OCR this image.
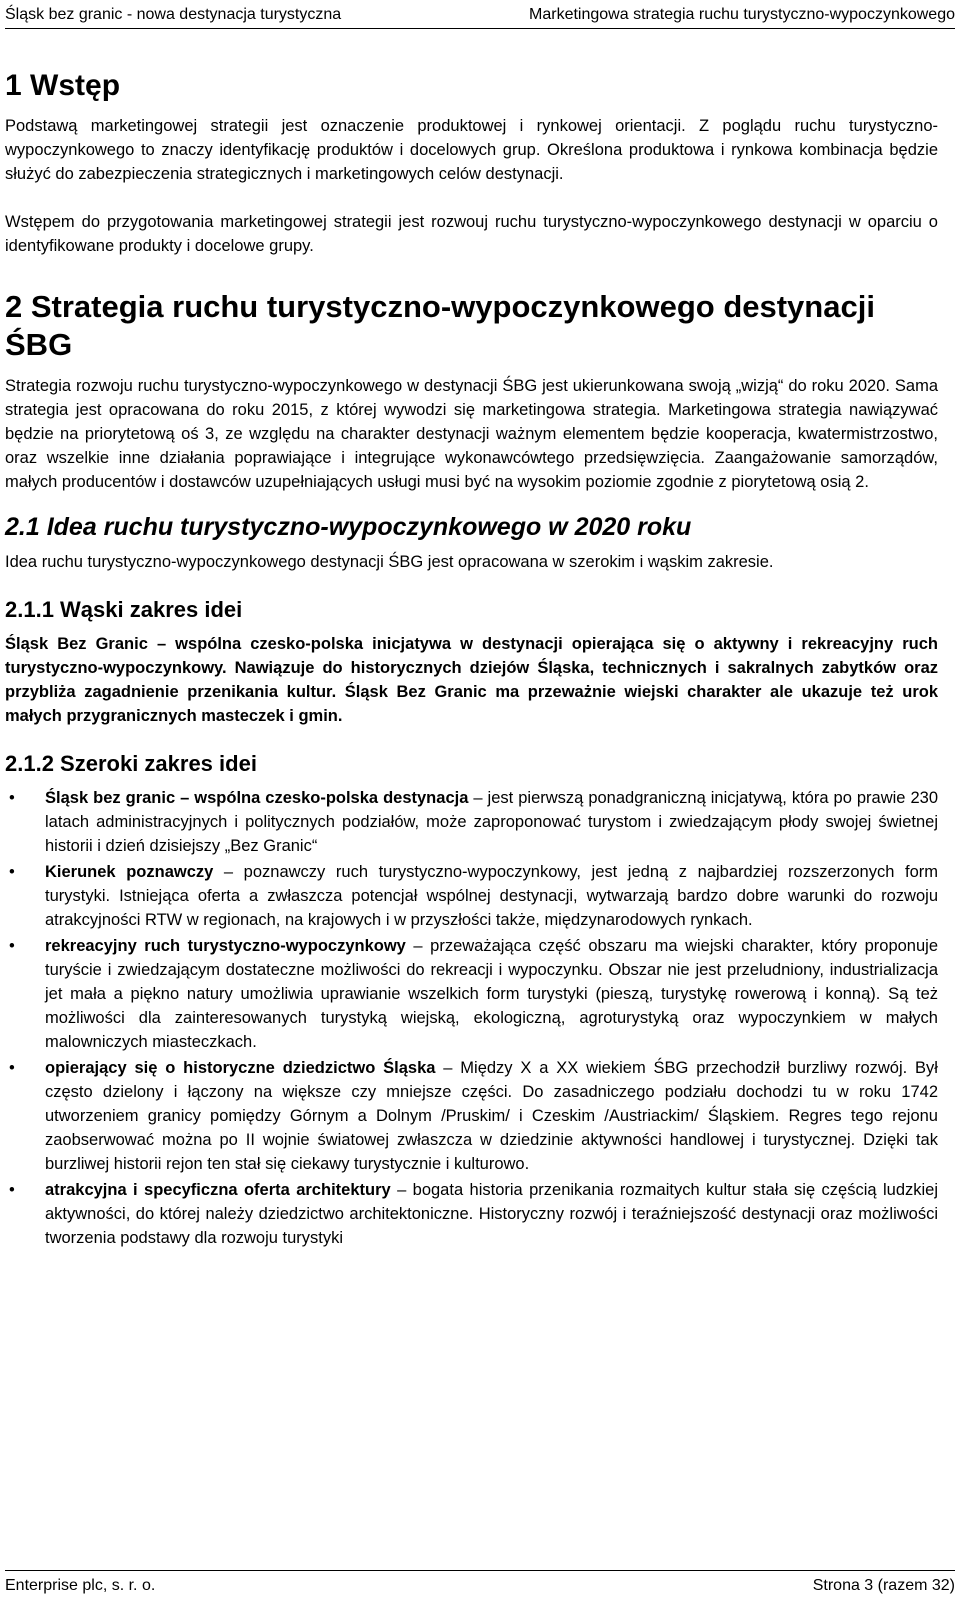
Śląsk bez granic - nowa destynacja turystyczna	Marketingowa strategia ruchu turystyczno-wypoczynkowego
1 Wstęp
Podstawą marketingowej strategii jest oznaczenie produktowej i rynkowej orientacji. Z poglądu ruchu turystyczno-wypoczynkowego to znaczy identyfikację produktów i docelowych grup. Określona produktowa i rynkowa kombinacja będzie służyć do zabezpieczenia strategicznych i marketingowych celów destynacji.
Wstępem do przygotowania marketingowej strategii jest rozwouj ruchu turystyczno-wypoczynkowego destynacji w oparciu o identyfikowane produkty i docelowe grupy.
2 Strategia ruchu turystyczno-wypoczynkowego destynacji ŚBG
Strategia rozwoju ruchu turystyczno-wypoczynkowego w destynacji ŚBG jest ukierunkowana swoją „wizją“ do roku 2020. Sama strategia jest opracowana do roku 2015, z której wywodzi się marketingowa strategia. Marketingowa strategia nawiązywać będzie na priorytetową oś 3, ze względu na charakter destynacji ważnym elementem będzie kooperacja, kwatermistrzostwo, oraz wszelkie inne działania poprawiające i integrujące wykonawcówtego przedsięwzięcia. Zaangażowanie samorządów, małych producentów i dostawców uzupełniających usługi musi być na wysokim poziomie zgodnie z piorytetową osią 2.
2.1 Idea ruchu turystyczno-wypoczynkowego w 2020 roku
Idea ruchu turystyczno-wypoczynkowego destynacji ŚBG jest opracowana w szerokim i wąskim zakresie.
2.1.1 Wąski zakres idei
Śląsk Bez Granic – wspólna czesko-polska inicjatywa w destynacji opierająca się o aktywny i rekreacyjny ruch turystyczno-wypoczynkowy. Nawiązuje do historycznych dziejów Śląska, technicznych i sakralnych zabytków oraz przybliża zagadnienie przenikania kultur. Śląsk Bez Granic ma przeważnie wiejski charakter ale ukazuje też urok małych przygranicznych masteczek i gmin.
2.1.2 Szeroki zakres idei
• Śląsk bez granic – wspólna czesko-polska destynacja – jest pierwszą ponadgraniczną inicjatywą, która po prawie 230 latach administracyjnych i politycznych podziałów, może zaproponować turystom i zwiedzającym płody swojej świetnej historii i dzień dzisiejszy „Bez Granic“
• Kierunek poznawczy – poznawczy ruch turystyczno-wypoczynkowy, jest jedną z najbardziej rozszerzonych form turystyki. Istniejąca oferta a zwłaszcza potencjał wspólnej destynacji, wytwarzają bardzo dobre warunki do rozwoju atrakcyjności RTW w regionach, na krajowych i w przyszłości także, międzynarodowych rynkach.
• rekreacyjny ruch turystyczno-wypoczynkowy – przeważająca część obszaru ma wiejski charakter, który proponuje turyście i zwiedzającym dostateczne możliwości do rekreacji i wypoczynku. Obszar nie jest przeludniony, industrializacja jet mała a piękno natury umożliwia uprawianie wszelkich form turystyki (pieszą, turystykę rowerową i konną). Są też możliwości dla zainteresowanych turystyką wiejską, ekologiczną, agroturystyką oraz wypoczynkiem w małych malowniczych miasteczkach.
• opierający się o historyczne dziedzictwo Śląska – Między X a XX wiekiem ŚBG przechodził burzliwy rozwój. Był często dzielony i łączony na większe czy mniejsze części. Do zasadniczego podziału dochodzi tu w roku 1742 utworzeniem granicy pomiędzy Górnym a Dolnym /Pruskim/ i Czeskim /Austriackim/ Śląskiem. Regres tego rejonu zaobserwować można po II wojnie światowej zwłaszcza w dziedzinie aktywności handlowej i turystycznej. Dzięki tak burzliwej historii rejon ten stał się ciekawy turystycznie i kulturowo.
• atrakcyjna i specyficzna oferta architektury – bogata historia przenikania rozmaitych kultur stała się częścią ludzkiej aktywności, do której należy dziedzictwo architektoniczne. Historyczny rozwój i teraźniejszość destynacji oraz możliwości tworzenia podstawy dla rozwoju turystyki
Enterprise plc, s. r. o.	Strona 3 (razem 32)
